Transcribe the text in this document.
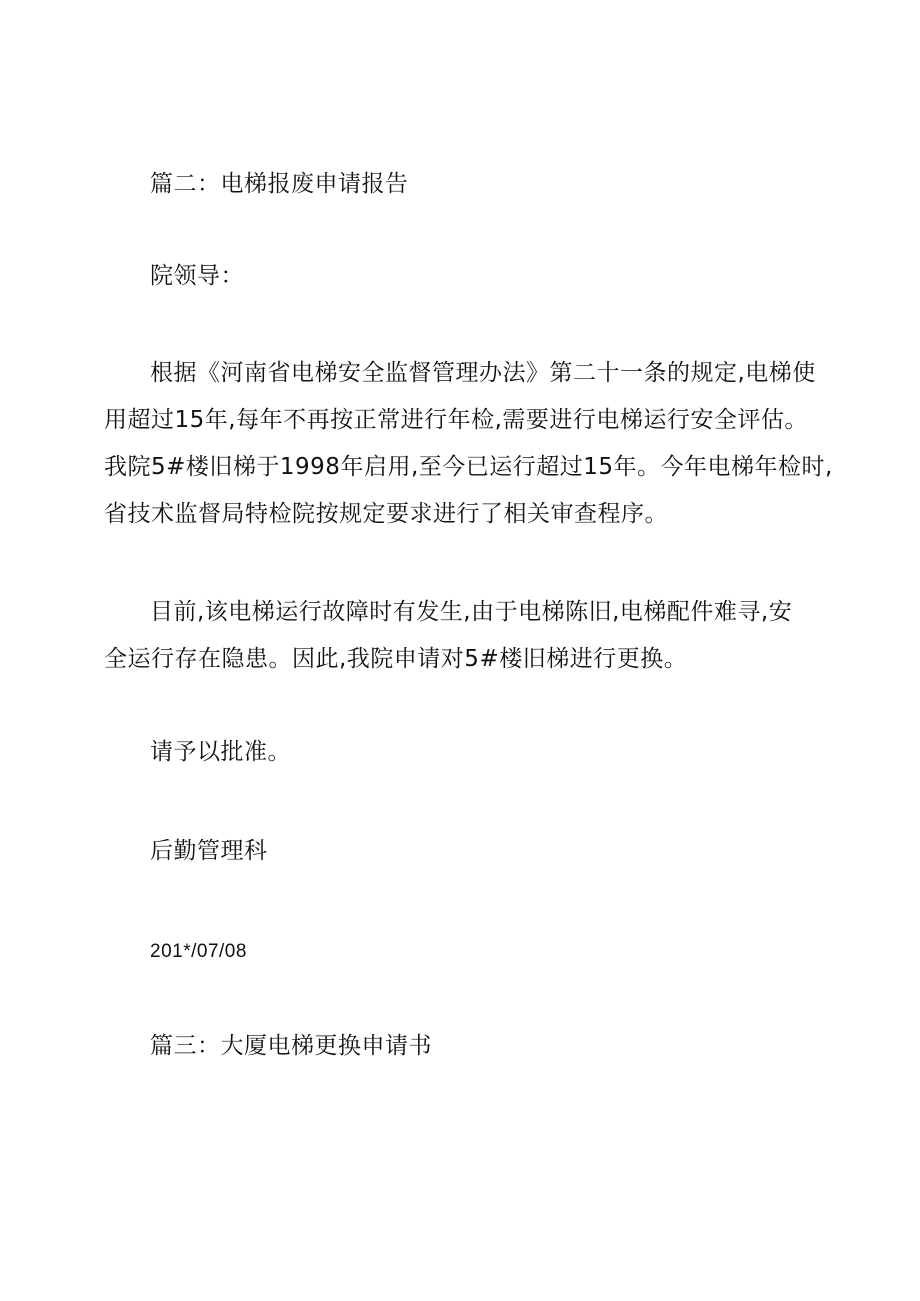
篇二：电梯报废申请报告
院领导：
根据《河南省电梯安全监督管理办法》第二十一条的规定,电梯使
用超过15年,每年不再按正常进行年检,需要进行电梯运行安全评估。
我院5#楼旧梯于1998年启用,至今已运行超过15年。今年电梯年检时,
省技术监督局特检院按规定要求进行了相关审查程序。
目前,该电梯运行故障时有发生,由于电梯陈旧,电梯配件难寻,安
全运行存在隐患。因此,我院申请对5#楼旧梯进行更换。
请予以批准。
后勤管理科
201*/07/08
篇三：大厦电梯更换申请书
